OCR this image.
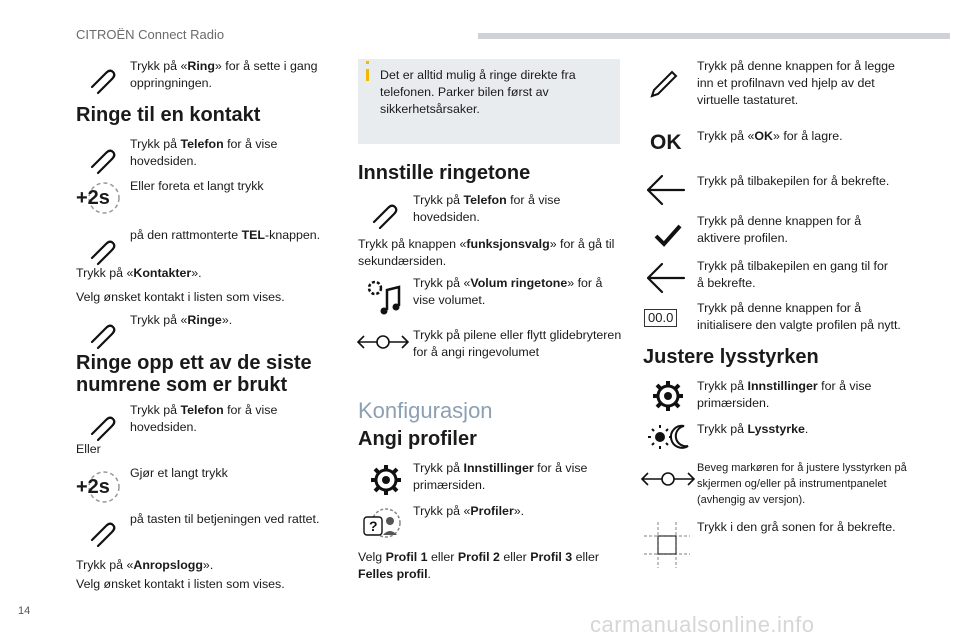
CITROËN Connect Radio
Trykk på «Ring» for å sette i gang oppringningen.
Ringe til en kontakt
Trykk på Telefon for å vise hovedsiden.
+2s
Eller foreta et langt trykk
på den rattmonterte TEL-knappen.
Trykk på «Kontakter».
Velg ønsket kontakt i listen som vises.
Trykk på «Ringe».
Ringe opp ett av de siste numrene som er brukt
Trykk på Telefon for å vise hovedsiden.
Eller
+2s
Gjør et langt trykk
på tasten til betjeningen ved rattet.
Trykk på «Anropslogg».
Velg ønsket kontakt i listen som vises.
Det er alltid mulig å ringe direkte fra telefonen. Parker bilen først av sikkerhetsårsaker.
Innstille ringetone
Trykk på Telefon for å vise hovedsiden.
Trykk på knappen «funksjonsvalg» for å gå til sekundærsiden.
Trykk på «Volum ringetone» for å vise volumet.
Trykk på pilene eller flytt glidebryteren for å angi ringevolumet
Konfigurasjon
Angi profiler
Trykk på Innstillinger for å vise primærsiden.
?
Trykk på «Profiler».
Velg Profil 1 eller Profil 2 eller Profil 3 eller Felles profil.
Trykk på denne knappen for å legge inn et profilnavn ved hjelp av det virtuelle tastaturet.
OK Trykk på «OK» for å lagre.
Trykk på tilbakepilen for å bekrefte.
Trykk på denne knappen for å aktivere profilen.
Trykk på tilbakepilen en gang til for å bekrefte.
00.0
Trykk på denne knappen for å initialisere den valgte profilen på nytt.
Justere lysstyrken
Trykk på Innstillinger for å vise primærsiden.
Trykk på Lysstyrke.
Beveg markøren for å justere lysstyrken på skjermen og/eller på instrumentpanelet (avhengig av versjon).
Trykk i den grå sonen for å bekrefte.
14
carmanualsonline.info
